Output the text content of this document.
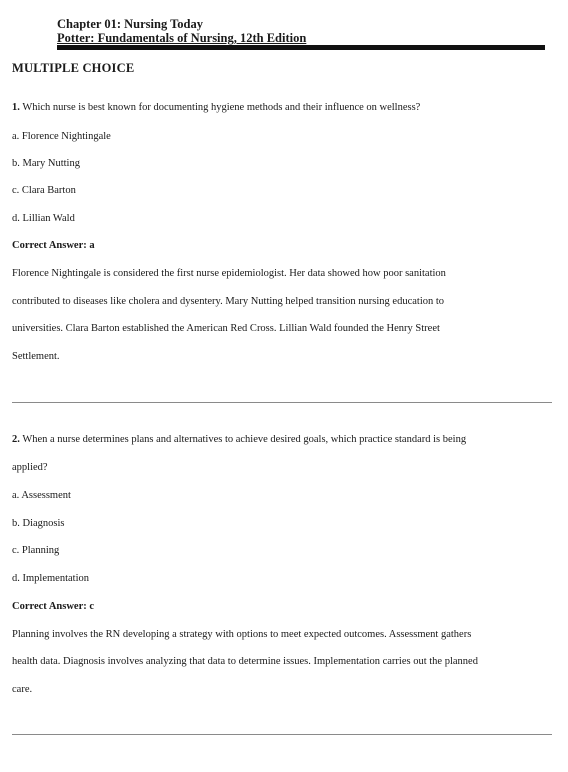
Chapter 01: Nursing Today
Potter: Fundamentals of Nursing, 12th Edition
MULTIPLE CHOICE
1. Which nurse is best known for documenting hygiene methods and their influence on wellness?
a. Florence Nightingale
b. Mary Nutting
c. Clara Barton
d. Lillian Wald
Correct Answer: a
Florence Nightingale is considered the first nurse epidemiologist. Her data showed how poor sanitation
contributed to diseases like cholera and dysentery. Mary Nutting helped transition nursing education to
universities. Clara Barton established the American Red Cross. Lillian Wald founded the Henry Street
Settlement.
2. When a nurse determines plans and alternatives to achieve desired goals, which practice standard is being
applied?
a. Assessment
b. Diagnosis
c. Planning
d. Implementation
Correct Answer: c
Planning involves the RN developing a strategy with options to meet expected outcomes. Assessment gathers
health data. Diagnosis involves analyzing that data to determine issues. Implementation carries out the planned
care.
